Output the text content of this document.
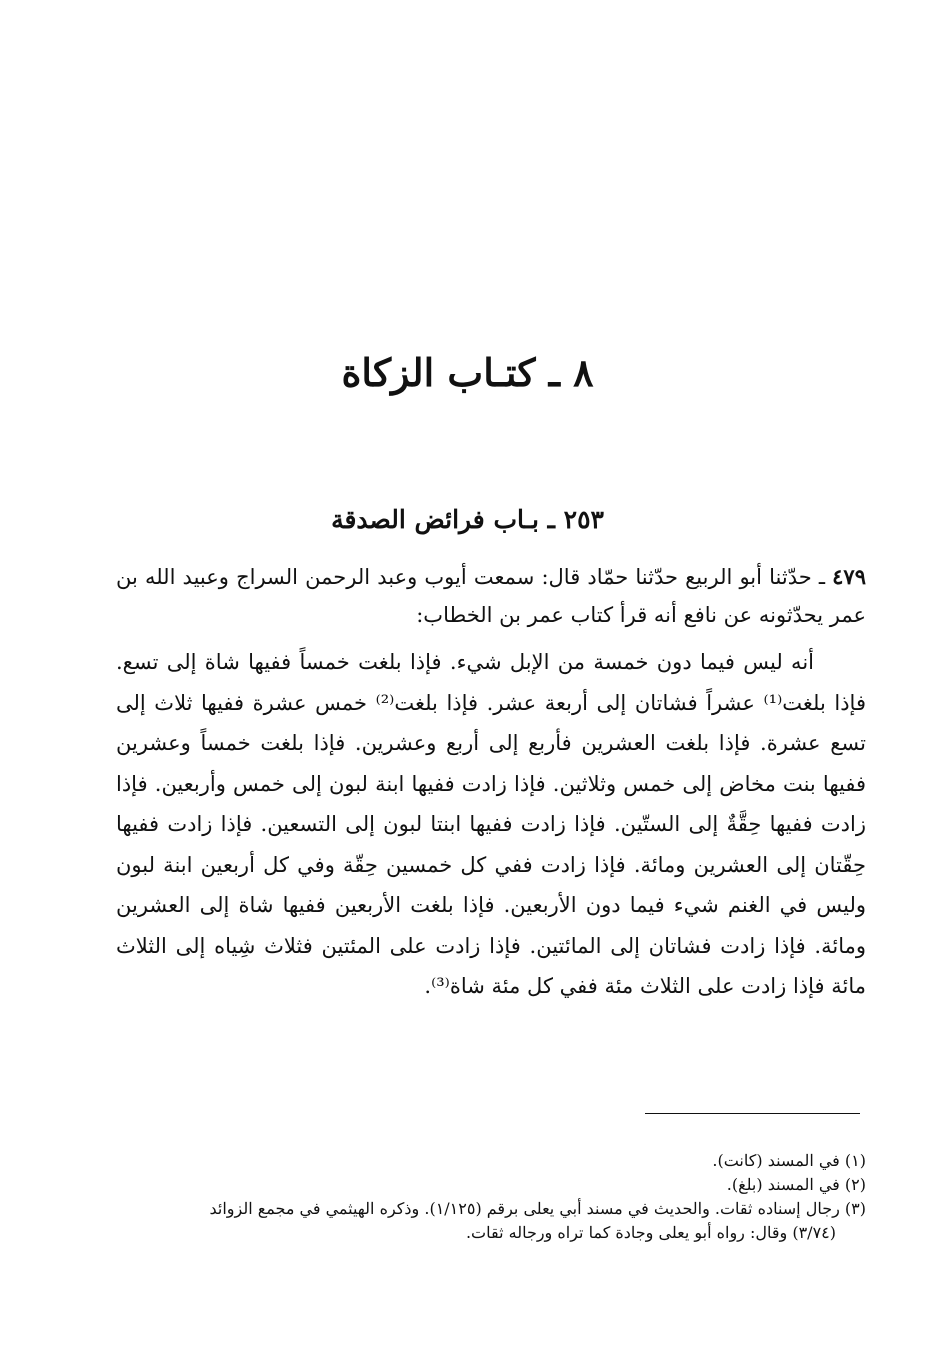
٨ ـ كتـاب الزكاة
٢٥٣ ـ بـاب فرائض الصدقة

٤٧٩ ـ حدّثنا أبو الربيع حدّثنا حمّاد قال: سمعت أيوب وعبد الرحمن السراج وعبيد الله بن عمر يحدّثونه عن نافع أنه قرأ كتاب عمر بن الخطاب:

أنه ليس فيما دون خمسة من الإبل شيء. فإذا بلغت خمساً ففيها شاة إلى تسع. فإذا بلغت⁽¹⁾ عشراً فشاتان إلى أربعة عشر. فإذا بلغت⁽²⁾ خمس عشرة ففيها ثلاث إلى تسع عشرة. فإذا بلغت العشرين فأربع إلى أربع وعشرين. فإذا بلغت خمساً وعشرين ففيها بنت مخاض إلى خمس وثلاثين. فإذا زادت ففيها ابنة لبون إلى خمس وأربعين. فإذا زادت ففيها حِقَّةٌ إلى الستّين. فإذا زادت ففيها ابنتا لبون إلى التسعين. فإذا زادت ففيها حِقّتان إلى العشرين ومائة. فإذا زادت ففي كل خمسين حِقّة وفي كل أربعين ابنة لبون وليس في الغنم شيء فيما دون الأربعين. فإذا بلغت الأربعين ففيها شاة إلى العشرين ومائة. فإذا زادت فشاتان إلى المائتين. فإذا زادت على المئتين فثلاث شِياه إلى الثلاث مائة فإذا زادت على الثلاث مئة ففي كل مئة شاة⁽³⁾.

(١) في المسند (كانت).

(٢) في المسند (بلغ).

(٣) رجال إسناده ثقات. والحديث في مسند أبي يعلى برقم (١/١٢٥). وذكره الهيثمي في مجمع الزوائد

(٣/٧٤) وقال: رواه أبو يعلى وجادة كما تراه ورجاله ثقات.
